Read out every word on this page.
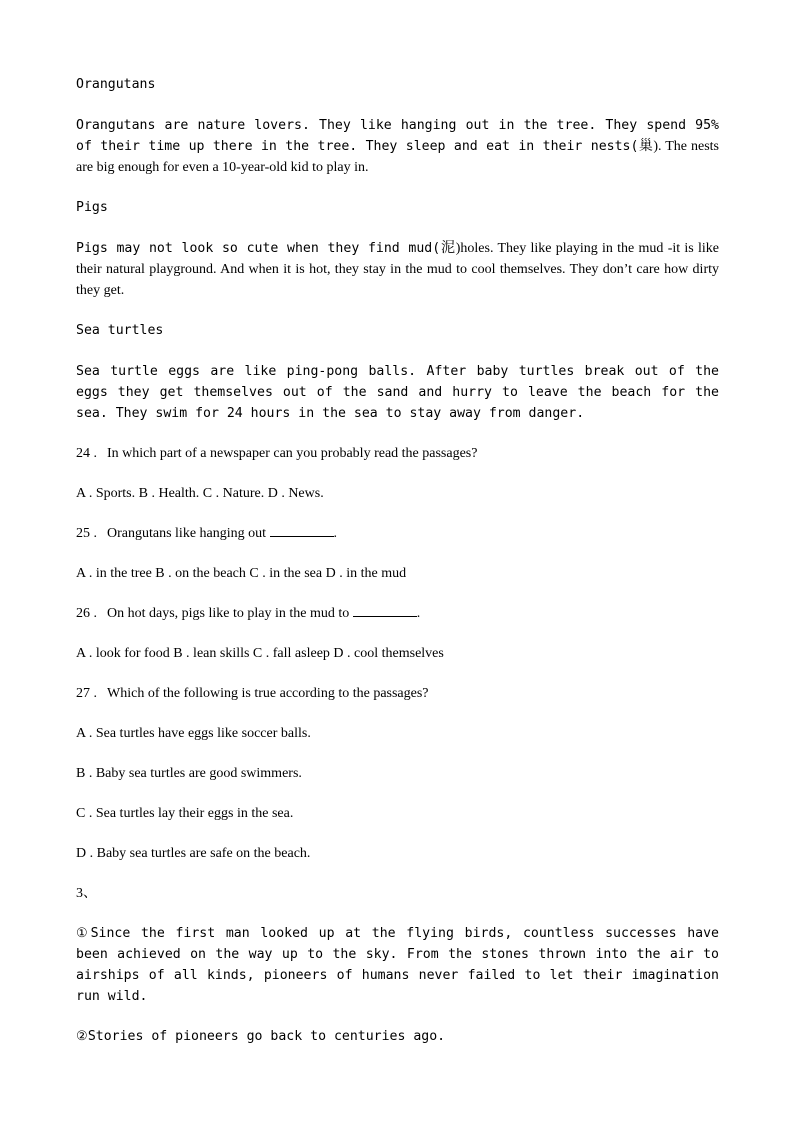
Orangutans

Orangutans are nature lovers. They like hanging out in the tree. They spend 95% of their time up there in the tree. They sleep and eat in their nests(巢). The nests are big enough for even a 10-year-old kid to play in.

Pigs

Pigs may not look so cute when they find mud(泥)holes. They like playing in the mud -it is like their natural playground. And when it is hot, they stay in the mud to cool themselves. They don’t care how dirty they get.

Sea turtles

Sea turtle eggs are like ping-pong balls. After baby turtles break out of the eggs they get themselves out of the sand and hurry to leave the beach for the sea. They swim for 24 hours in the sea to stay away from danger.

24 . In which part of a newspaper can you probably read the passages?

A . Sports. B . Health. C . Nature. D . News.

25 . Orangutans like hanging out	.

A . in the tree B . on the beach C . in the sea D . in the mud

26 . On hot days, pigs like to play in the mud to	.

A . look for food B . lean skills C . fall asleep D . cool themselves

27 . Which of the following is true according to the passages?

A . Sea turtles have eggs like soccer balls.

B . Baby sea turtles are good swimmers.

C . Sea turtles lay their eggs in the sea.

D . Baby sea turtles are safe on the beach.

3、

①Since the first man looked up at the flying birds, countless successes have been achieved on the way up to the sky. From the stones thrown into the air to airships of all kinds, pioneers of humans never failed to let their imagination run wild.

②Stories of pioneers go back to centuries ago.
